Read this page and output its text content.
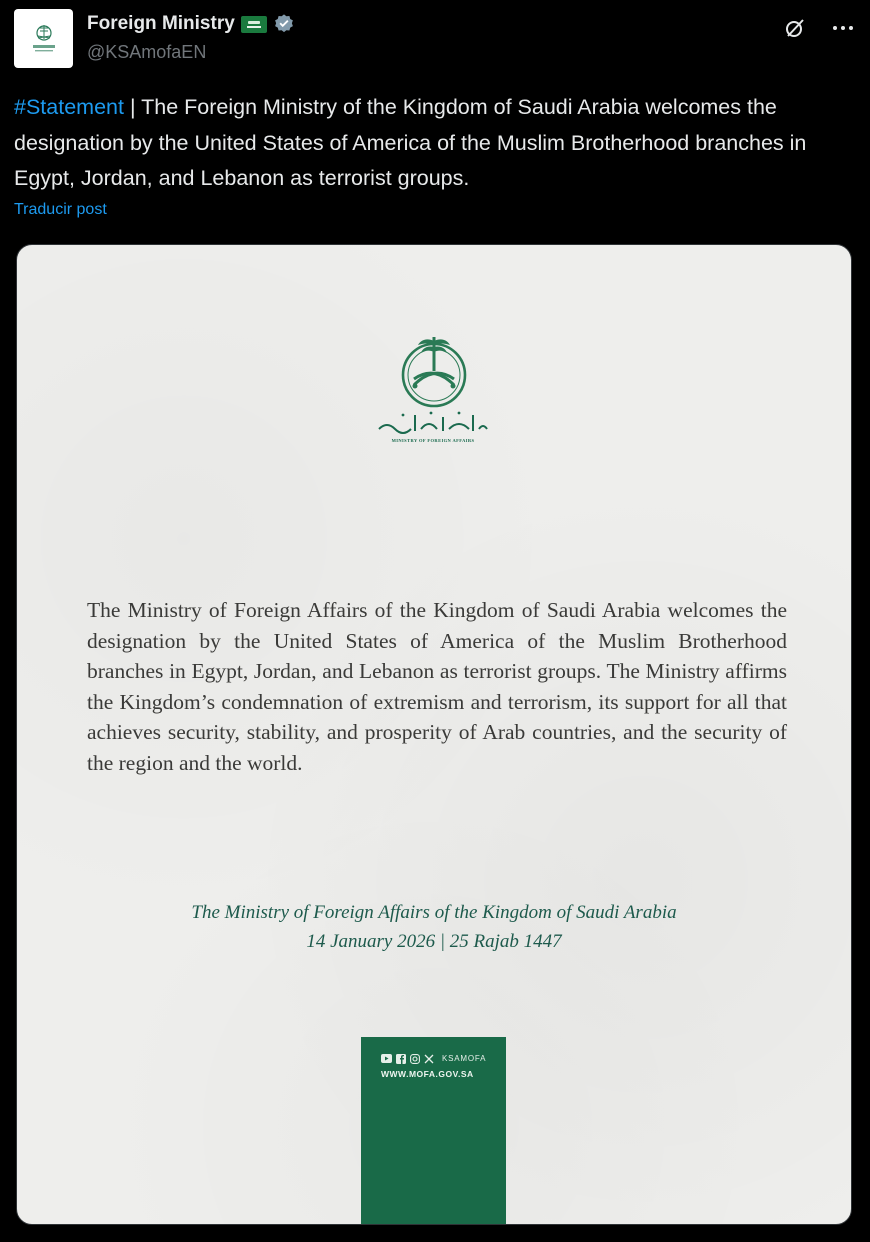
Foreign Ministry
@KSAmofaEN
#Statement | The Foreign Ministry of the Kingdom of Saudi Arabia welcomes the designation by the United States of America of the Muslim Brotherhood branches in Egypt, Jordan, and Lebanon as terrorist groups.
Traducir post
MINISTRY OF FOREIGN AFFAIRS
The Ministry of Foreign Affairs of the Kingdom of Saudi Arabia welcomes the designation by the United States of America of the Muslim Brotherhood branches in Egypt, Jordan, and Lebanon as terrorist groups. The Ministry affirms the Kingdom’s condemnation of extremism and terrorism, its support for all that achieves security, stability, and prosperity of Arab countries, and the security of the region and the world.
The Ministry of Foreign Affairs of the Kingdom of Saudi Arabia
14 January 2026 | 25 Rajab 1447
KSAMOFA
WWW.MOFA.GOV.SA
